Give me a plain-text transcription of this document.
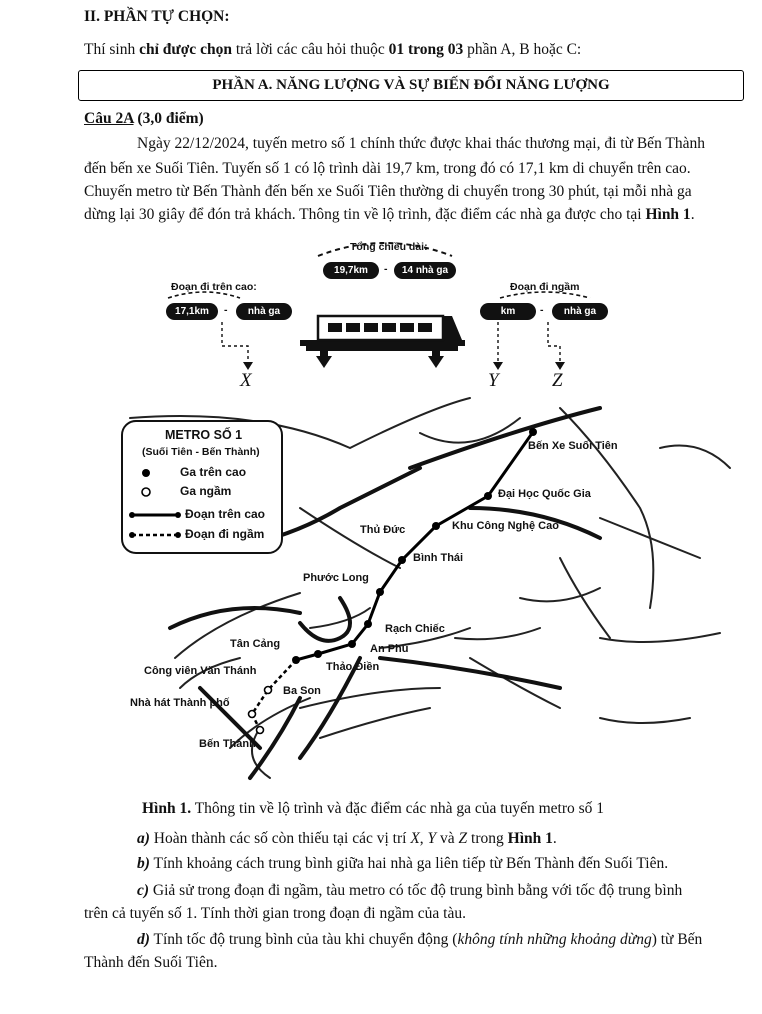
II. PHẦN TỰ CHỌN:
Thí sinh chỉ được chọn trả lời các câu hỏi thuộc 01 trong 03 phần A, B hoặc C:
PHẦN A. NĂNG LƯỢNG VÀ SỰ BIẾN ĐỔI NĂNG LƯỢNG
Câu 2A (3,0 điểm)
Ngày 22/12/2024, tuyến metro số 1 chính thức được khai thác thương mại, đi từ Bến Thành
đến bến xe Suối Tiên. Tuyến số 1 có lộ trình dài 19,7 km, trong đó có 17,1 km di chuyển trên cao.
Chuyến metro từ Bến Thành đến bến xe Suối Tiên thường di chuyển trong 30 phút, tại mỗi nhà ga
dừng lại 30 giây để đón trả khách. Thông tin về lộ trình, đặc điểm các nhà ga được cho tại Hình 1.
Tổng chiều dài:
19,7km	-	14 nhà ga
Đoạn đi trên cao:
17,1km	-	nhà ga
Đoạn đi ngầm
km	-	nhà ga
X	Y	Z
METRO SỐ 1
(Suối Tiên - Bến Thành)
Ga trên cao
Ga ngầm
Đoạn trên cao
Đoạn đi ngầm
Bến Xe Suối Tiên
Đại Học Quốc Gia
Khu Công Nghệ Cao
Thủ Đức
Bình Thái
Phước Long
Rạch Chiếc
Tân Cảng	An Phú
Thảo Điền
Công viên Văn Thánh
Ba Son
Nhà hát Thành phố
Bến Thành
Hình 1. Thông tin về lộ trình và đặc điểm các nhà ga của tuyến metro số 1
a) Hoàn thành các số còn thiếu tại các vị trí X, Y và Z trong Hình 1.
b) Tính khoảng cách trung bình giữa hai nhà ga liên tiếp từ Bến Thành đến Suối Tiên.
c) Giả sử trong đoạn đi ngầm, tàu metro có tốc độ trung bình bằng với tốc độ trung bình
trên cả tuyến số 1. Tính thời gian trong đoạn đi ngầm của tàu.
d) Tính tốc độ trung bình của tàu khi chuyển động (không tính những khoảng dừng) từ Bến
Thành đến Suối Tiên.
